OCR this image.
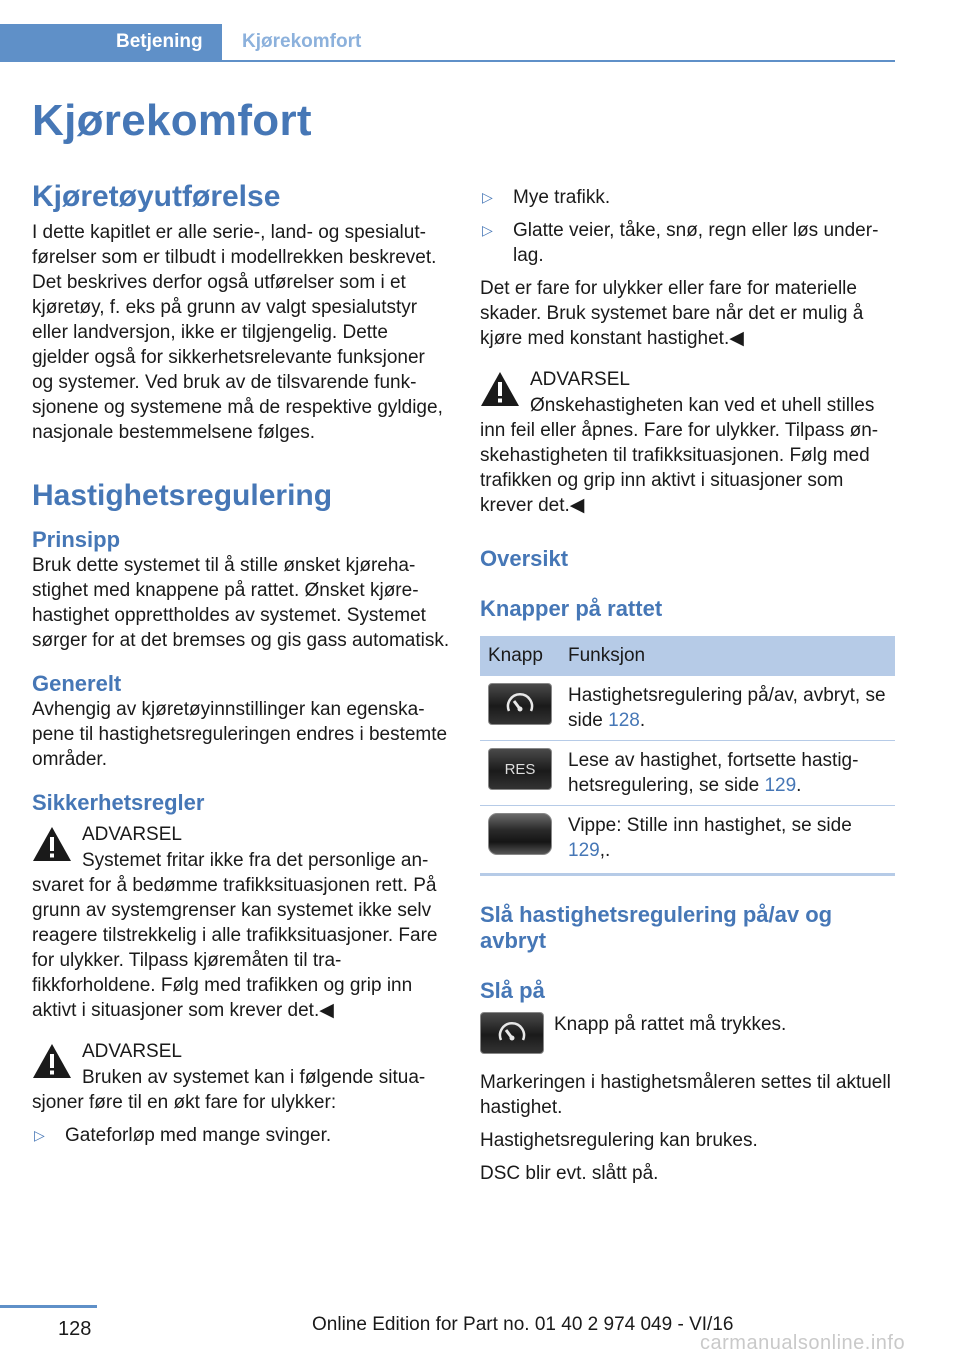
Betjening	Kjørekomfort
Kjørekomfort
Kjøretøyutførelse

I dette kapitlet er alle serie-, land- og spesialutførelser som er tilbudt i modellrekken beskrevet. Det beskrives derfor også utførelser som i et kjøretøy, f. eks på grunn av valgt spesialutstyr eller landversjon, ikke er tilgjengelig. Dette gjelder også for sikkerhetsrelevante funksjoner og systemer. Ved bruk av de tilsvarende funksjonene og systemene må de respektive gyldige, nasjonale bestemmelsene følges.

Hastighetsregulering
Prinsipp

Bruk dette systemet til å stille ønsket kjørehastighet med knappene på rattet. Ønsket kjørehastighet opprettholdes av systemet. Systemet sørger for at det bremses og gis gass automatisk.

Generelt

Avhengig av kjøretøyinnstillinger kan egenskapene til hastighetsreguleringen endres i bestemte områder.

Sikkerhetsregler
ADVARSEL

Systemet fritar ikke fra det personlige ansvaret for å bedømme trafikksituasjonen rett. På grunn av systemgrenser kan systemet ikke selv reagere tilstrekkelig i alle trafikksituasjoner. Fare for ulykker. Tilpass kjøremåten til trafikkforholdene. Følg med trafikken og grip inn aktivt i situasjoner som krever det.◀

ADVARSEL

Bruken av systemet kan i følgende situasjoner føre til en økt fare for ulykker:

▷ Gateforløp med mange svinger.
▷ Mye trafikk.
▷ Glatte veier, tåke, snø, regn eller løs underlag.

Det er fare for ulykker eller fare for materielle skader. Bruk systemet bare når det er mulig å kjøre med konstant hastighet.◀

ADVARSEL

Ønskehastigheten kan ved et uhell stilles inn feil eller åpnes. Fare for ulykker. Tilpass ønskehastigheten til trafikksituasjonen. Følg med trafikken og grip inn aktivt i situasjoner som krever det.◀

Oversikt
Knapper på rattet
Knapp	Funksjon

	Hastighetsregulering på/av, avbryt, se side 128.

RES	Lese av hastighet, fortsette hastighetsregulering, se side 129.

	Vippe: Stille inn hastighet, se side 129,.
Slå hastighetsregulering på/av og avbryt
Slå på

Knapp på rattet må trykkes.

Markeringen i hastighetsmåleren settes til aktuell hastighet.

Hastighetsregulering kan brukes.

DSC blir evt. slått på.

128	Online Edition for Part no. 01 40 2 974 049 - VI/16
carmanualsonline.info
